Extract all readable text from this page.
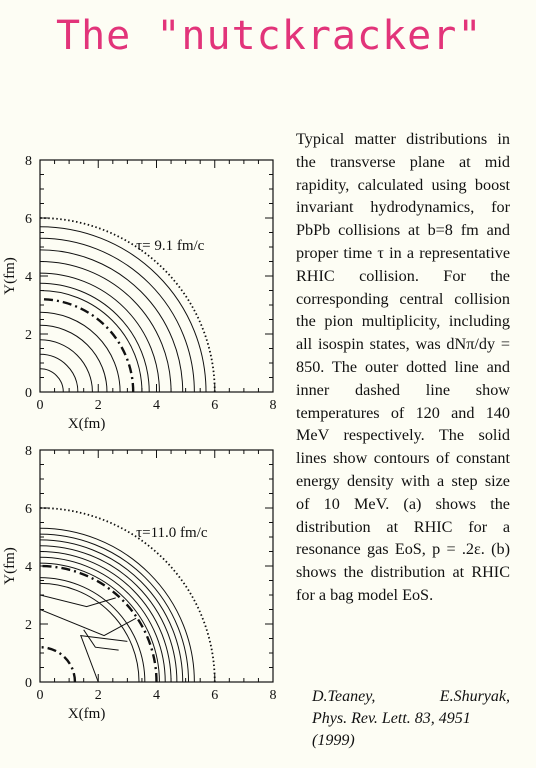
The "nutckracker"
0	2	4	6	8
0
2
4
6
8
X(fm)
Y(fm)
τ= 9.1 fm/c
0	2	4	6	8
0
2
4
6
8
X(fm)
Y(fm)
τ=11.0 fm/c
Typical matter distributions in the transverse plane at mid rapidity, calculated using boost invariant hydrodynamics, for PbPb collisions at b=8 fm and proper time τ in a representative RHIC collision. For the corresponding central collision the pion multiplicity, including all isospin states, was dNπ/dy = 850. The outer dotted line and inner dashed line show temperatures of 120 and 140 MeV respectively. The solid lines show contours of constant energy density with a step size of 10 MeV. (a) shows the distribution at RHIC for a resonance gas EoS, p = .2ε. (b) shows the distribution at RHIC for a bag model EoS.
D.Teaney,	E.Shuryak,
Phys. Rev. Lett. 83, 4951
(1999)
